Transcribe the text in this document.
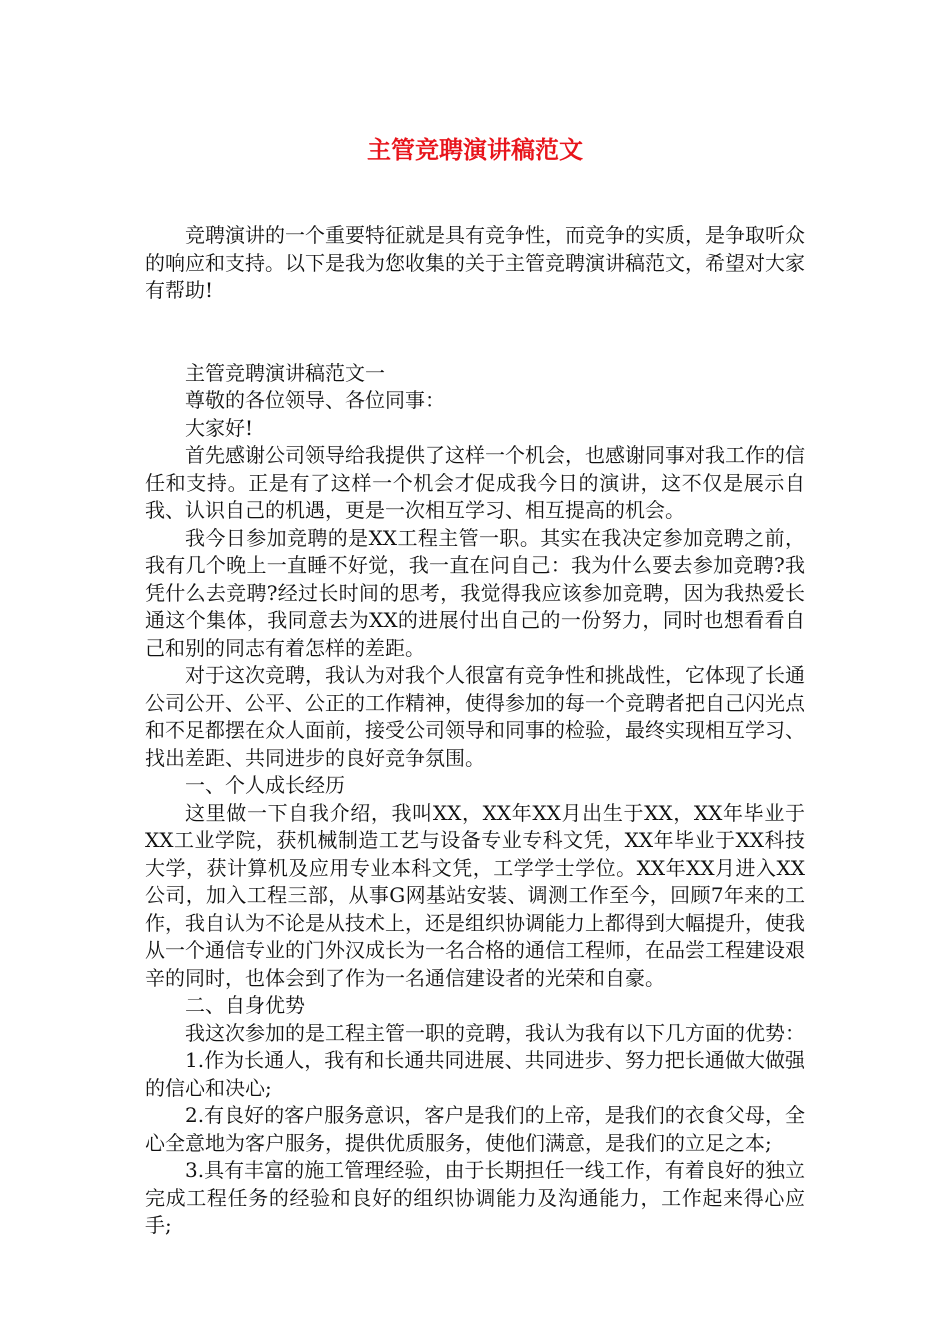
主管竞聘演讲稿范文

竞聘演讲的一个重要特征就是具有竞争性，而竞争的实质，是争取听众的响应和支持。以下是我为您收集的关于主管竞聘演讲稿范文，希望对大家有帮助!

主管竞聘演讲稿范文一

尊敬的各位领导、各位同事：

大家好!

首先感谢公司领导给我提供了这样一个机会，也感谢同事对我工作的信任和支持。正是有了这样一个机会才促成我今日的演讲，这不仅是展示自我、认识自己的机遇，更是一次相互学习、相互提高的机会。

我今日参加竞聘的是XX工程主管一职。其实在我决定参加竞聘之前，我有几个晚上一直睡不好觉，我一直在问自己：我为什么要去参加竞聘?我凭什么去竞聘?经过长时间的思考，我觉得我应该参加竞聘，因为我热爱长通这个集体，我同意去为XX的进展付出自己的一份努力，同时也想看看自己和别的同志有着怎样的差距。

对于这次竞聘，我认为对我个人很富有竞争性和挑战性，它体现了长通公司公开、公平、公正的工作精神，使得参加的每一个竞聘者把自己闪光点和不足都摆在众人面前，接受公司领导和同事的检验，最终实现相互学习、找出差距、共同进步的良好竞争氛围。

一、个人成长经历

这里做一下自我介绍，我叫XX，XX年XX月出生于XX，XX年毕业于XX工业学院，获机械制造工艺与设备专业专科文凭，XX年毕业于XX科技大学，获计算机及应用专业本科文凭，工学学士学位。XX年XX月进入XX公司，加入工程三部，从事G网基站安装、调测工作至今，回顾7年来的工作，我自认为不论是从技术上，还是组织协调能力上都得到大幅提升，使我从一个通信专业的门外汉成长为一名合格的通信工程师，在品尝工程建设艰辛的同时，也体会到了作为一名通信建设者的光荣和自豪。

二、自身优势

我这次参加的是工程主管一职的竞聘，我认为我有以下几方面的优势：

1.作为长通人，我有和长通共同进展、共同进步、努力把长通做大做强的信心和决心;

2.有良好的客户服务意识，客户是我们的上帝，是我们的衣食父母，全心全意地为客户服务，提供优质服务，使他们满意，是我们的立足之本;

3.具有丰富的施工管理经验，由于长期担任一线工作，有着良好的独立完成工程任务的经验和良好的组织协调能力及沟通能力，工作起来得心应手;
